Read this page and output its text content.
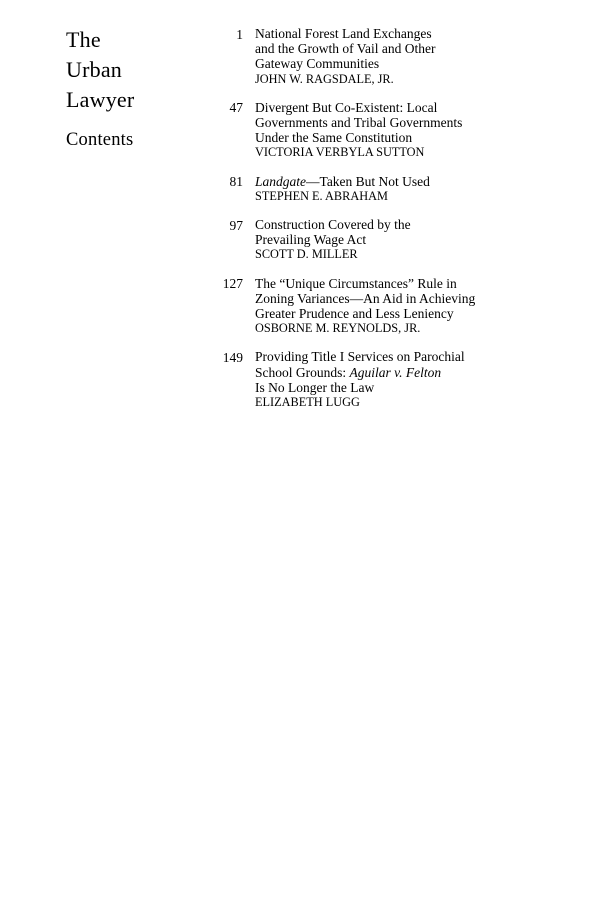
The
Urban
Lawyer
Contents
1 National Forest Land Exchanges
and the Growth of Vail and Other
Gateway Communities
JOHN W. RAGSDALE, JR.
47 Divergent But Co-Existent: Local
Governments and Tribal Governments
Under the Same Constitution
VICTORIA VERBYLA SUTTON
81 Landgate—Taken But Not Used
STEPHEN E. ABRAHAM
97 Construction Covered by the
Prevailing Wage Act
SCOTT D. MILLER
127 The “Unique Circumstances” Rule in
Zoning Variances—An Aid in Achieving
Greater Prudence and Less Leniency
OSBORNE M. REYNOLDS, JR.
149 Providing Title I Services on Parochial
School Grounds: Aguilar v. Felton
Is No Longer the Law
ELIZABETH LUGG
